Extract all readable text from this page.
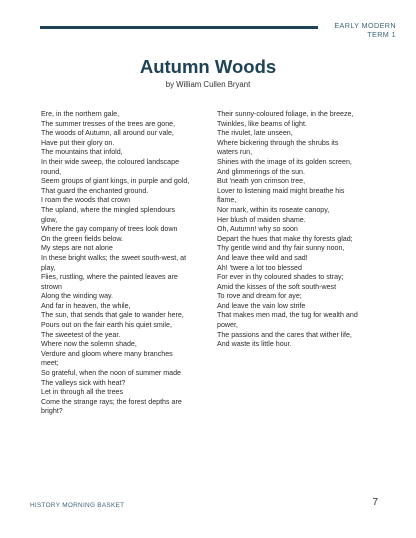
EARLY MODERN
TERM 1
Autumn Woods
by William Cullen Bryant
Ere, in the northern gale,
The summer tresses of the trees are gone,
The woods of Autumn, all around our vale,
Have put their glory on.
The mountains that infold,
In their wide sweep, the coloured landscape
round,
Seem groups of giant kings, in purple and gold,
That guard the enchanted ground.
I roam the woods that crown
The upland, where the mingled splendours
glow,
Where the gay company of trees look down
On the green fields below.
My steps are not alone
In these bright walks; the sweet south-west, at
play,
Flies, rustling, where the painted leaves are
strown
Along the winding way.
And far in heaven, the while,
The sun, that sends that gale to wander here,
Pours out on the fair earth his quiet smile,
The sweetest of the year.
Where now the solemn shade,
Verdure and gloom where many branches
meet;
So grateful, when the noon of summer made
The valleys sick with heat?
Let in through all the trees
Come the strange rays; the forest depths are
bright?
Their sunny-coloured foliage, in the breeze,
Twinkles, like beams of light.
The rivulet, late unseen,
Where bickering through the shrubs its
waters run,
Shines with the image of its golden screen,
And glimmerings of the sun.
But 'neath yon crimson tree,
Lover to listening maid might breathe his
flame,
Nor mark, within its roseate canopy,
Her blush of maiden shame.
Oh, Autumn! why so soon
Depart the hues that make thy forests glad;
Thy gentle wind and thy fair sunny noon,
And leave thee wild and sad!
Ah! 'twere a lot too blessed
For ever in thy coloured shades to stray;
Amid the kisses of the soft south-west
To rove and dream for aye;
And leave the vain low strife
That makes men mad, the tug for wealth and
power,
The passions and the cares that wither life,
And waste its little hour.
HISTORY MORNING BASKET	7
